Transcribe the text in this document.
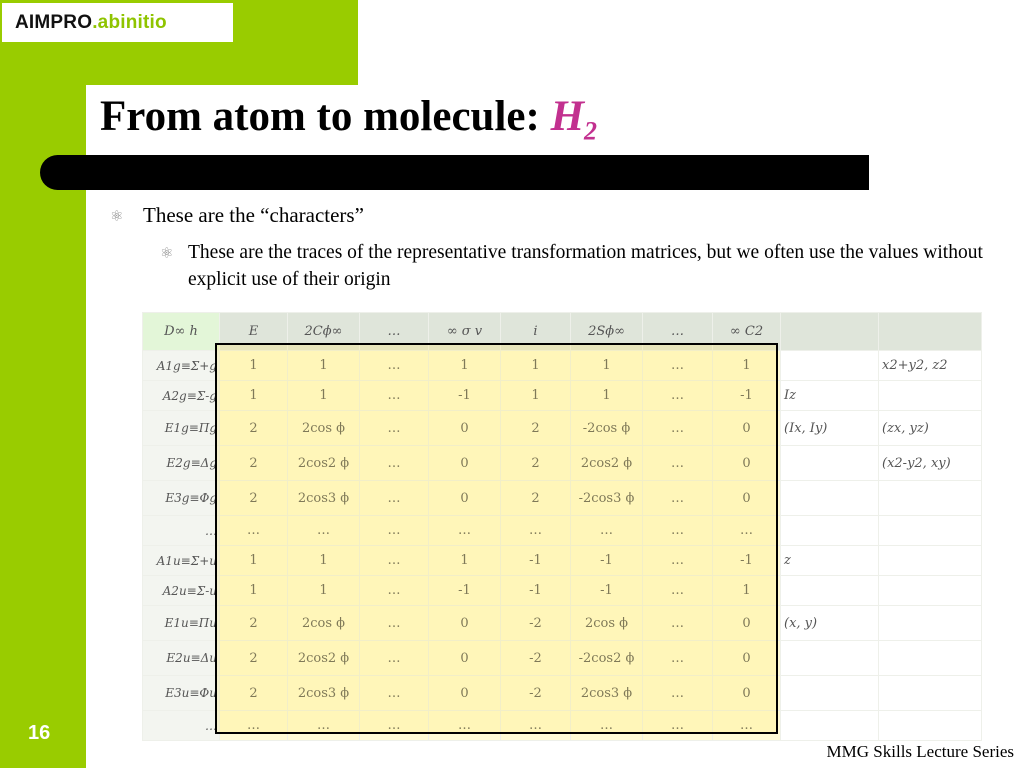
AIMPRO .abinitio
From atom to molecule: $H_2$
⚛ These are the “characters”
⚛ These are the traces of the representative transformation matrices, but we often use the values without explicit use of their origin
D∞ h	E	2Cϕ∞	…	∞ σ v	i	2Sϕ∞	…	∞ C2		
A1g≡Σ+g	1	1	…	1	1	1	…	1		x2+y2, z2
A2g≡Σ-g	1	1	…	-1	1	1	…	-1	Iz	
E1g≡Πg	2	2cos ϕ	…	0	2	-2cos ϕ	…	0	(Ix, Iy)	(zx, yz)
E2g≡Δg	2	2cos2 ϕ	…	0	2	2cos2 ϕ	…	0		(x2-y2, xy)
E3g≡Φg	2	2cos3 ϕ	…	0	2	-2cos3 ϕ	…	0		
…	…	…	…	…	…	…	…	…		
A1u≡Σ+u	1	1	…	1	-1	-1	…	-1	z	
A2u≡Σ-u	1	1	…	-1	-1	-1	…	1		
E1u≡Πu	2	2cos ϕ	…	0	-2	2cos ϕ	…	0	(x, y)	
E2u≡Δu	2	2cos2 ϕ	…	0	-2	-2cos2 ϕ	…	0		
E3u≡Φu	2	2cos3 ϕ	…	0	-2	2cos3 ϕ	…	0		
…	…	…	…	…	…	…	…	…		
16
MMG Skills Lecture Series
